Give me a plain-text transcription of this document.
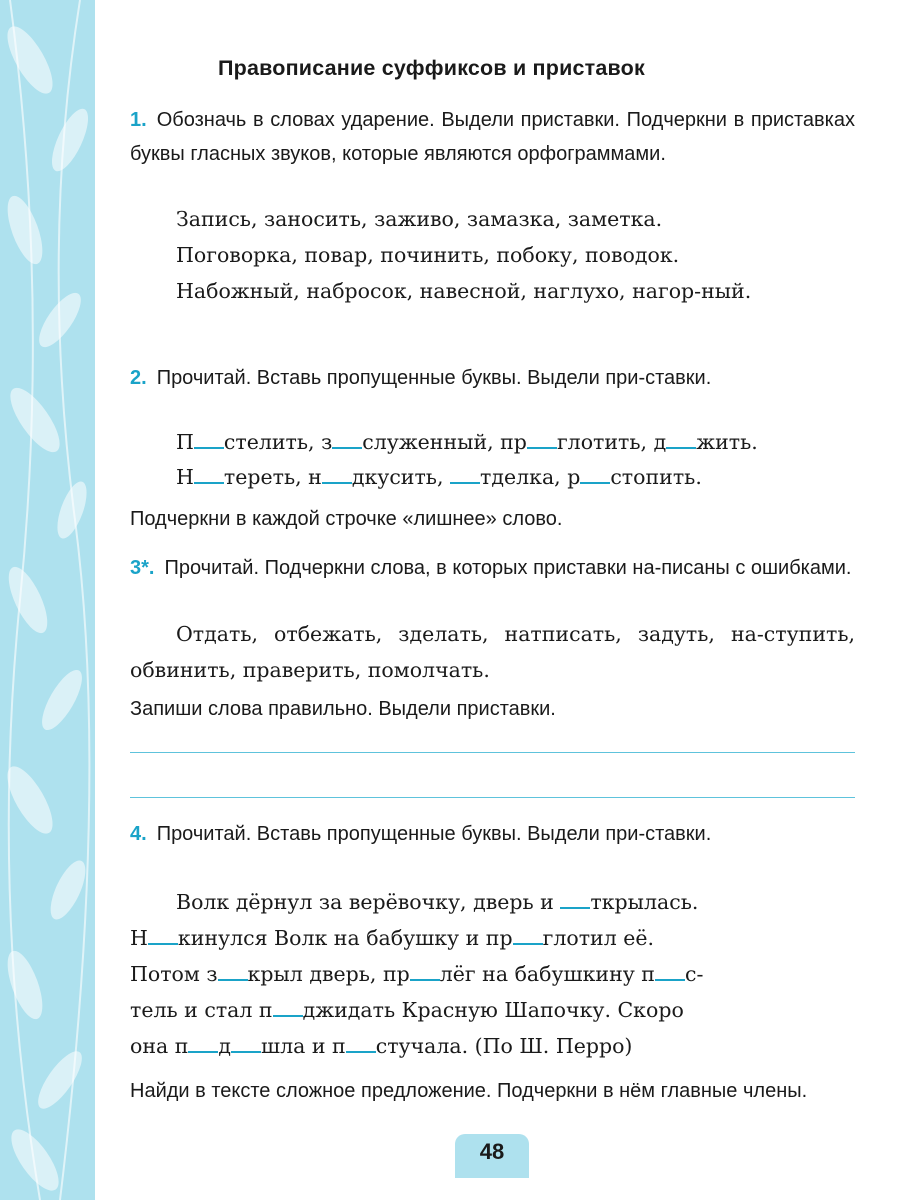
Правописание суффиксов и приставок
1. Обозначь в словах ударение. Выдели приставки. Подчеркни в приставках буквы гласных звуков, которые являются орфограммами.
Запись, заносить, заживо, замазка, заметка.
Поговорка, повар, починить, побоку, поводок.
Набожный, набросок, навесной, наглухо, нагор-ный.
2. Прочитай. Вставь пропущенные буквы. Выдели при-ставки.
П стелить, з служенный, пр глотить, д жить.
Н тереть, н дкусить, тделка, р стопить.
Подчеркни в каждой строчке «лишнее» слово.
3*. Прочитай. Подчеркни слова, в которых приставки на-писаны с ошибками.
Отдать, отбежать, зделать, натписать, задуть, на-ступить, обвинить, праверить, помолчать.
Запиши слова правильно. Выдели приставки.
4. Прочитай. Вставь пропущенные буквы. Выдели при-ставки.
Волк дёрнул за верёвочку, дверь и ткрылась.
Н кинулся Волк на бабушку и пр глотил её.
Потом з крыл дверь, пр лёг на бабушкину п с-
тель и стал п джидать Красную Шапочку. Скоро
она п д шла и п стучала. (По Ш. Перро)
Найди в тексте сложное предложение. Подчеркни в нём главные члены.
48
